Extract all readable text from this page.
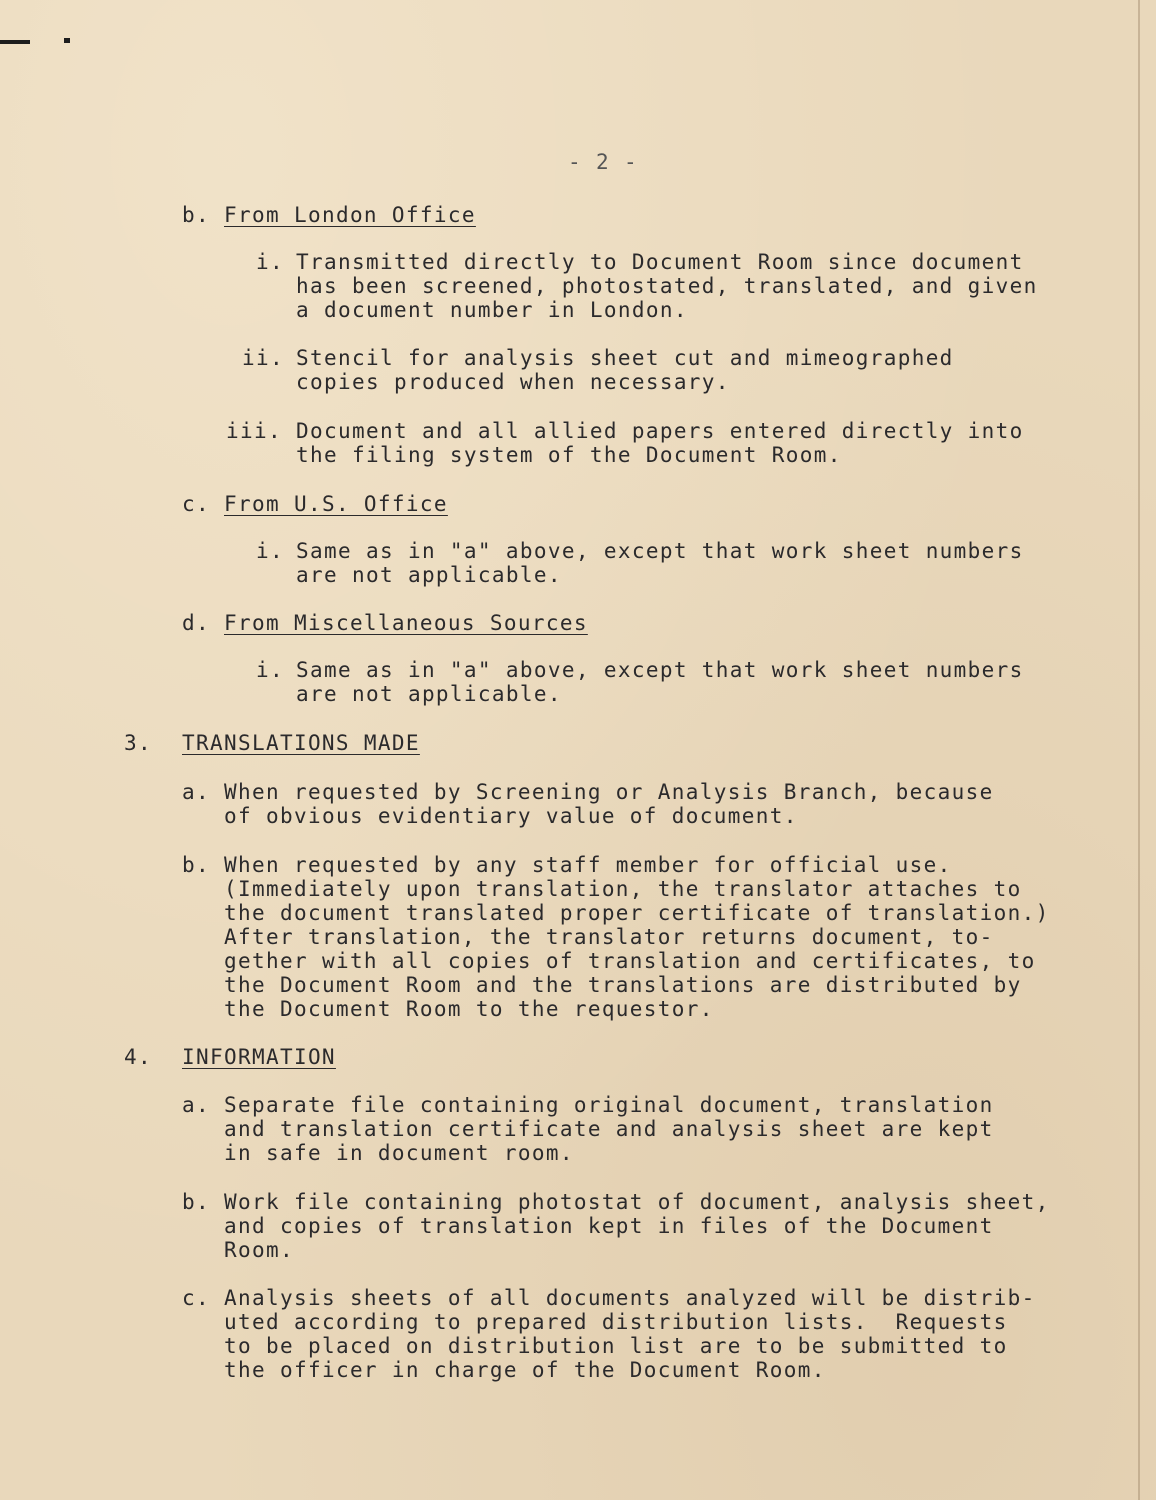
- 2 -
b. From London Office
i. Transmitted directly to Document Room since document
has been screened, photostated, translated, and given
a document number in London.
ii. Stencil for analysis sheet cut and mimeographed
copies produced when necessary.
iii. Document and all allied papers entered directly into
the filing system of the Document Room.
c. From U.S. Office
i. Same as in "a" above, except that work sheet numbers
are not applicable.
d. From Miscellaneous Sources
i. Same as in "a" above, except that work sheet numbers
are not applicable.
3. TRANSLATIONS MADE
a. When requested by Screening or Analysis Branch, because
of obvious evidentiary value of document.
b. When requested by any staff member for official use.
(Immediately upon translation, the translator attaches to
the document translated proper certificate of translation.)
After translation, the translator returns document, to-
gether with all copies of translation and certificates, to
the Document Room and the translations are distributed by
the Document Room to the requestor.
4. INFORMATION
a. Separate file containing original document, translation
and translation certificate and analysis sheet are kept
in safe in document room.
b. Work file containing photostat of document, analysis sheet,
and copies of translation kept in files of the Document
Room.
c. Analysis sheets of all documents analyzed will be distrib-
uted according to prepared distribution lists.  Requests
to be placed on distribution list are to be submitted to
the officer in charge of the Document Room.
